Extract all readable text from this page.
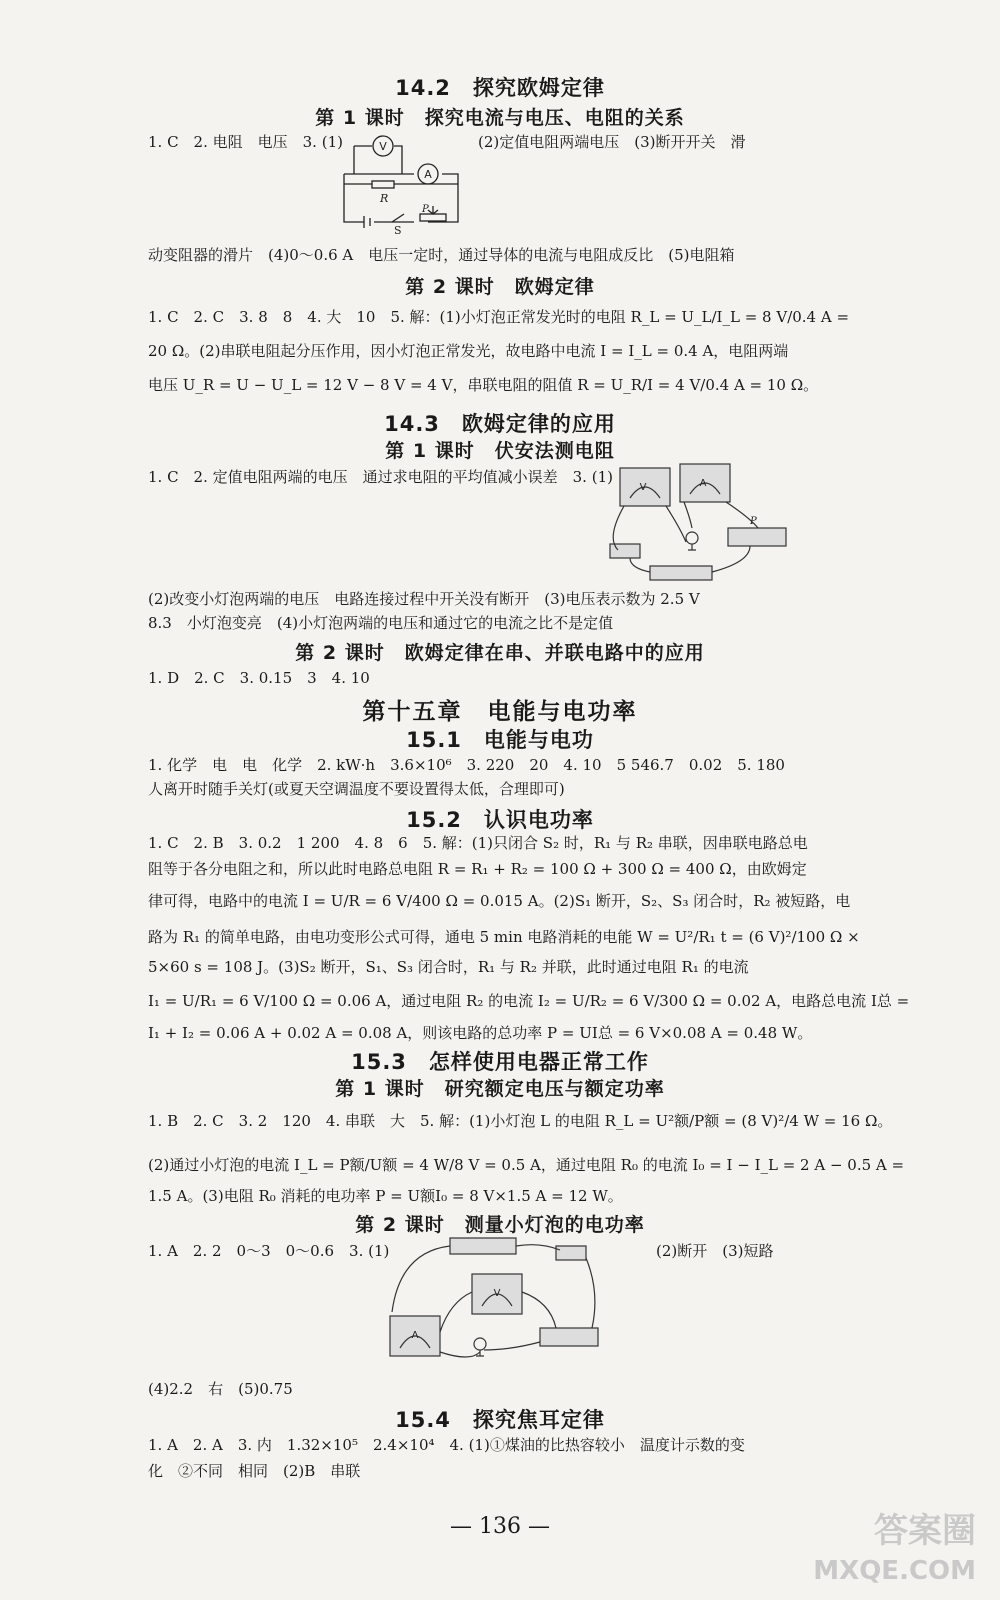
14.2　探究欧姆定律
第 1 课时　探究电流与电压、电阻的关系
1. C　2. 电阻　电压　3. (1)	(2)定值电阻两端电压　(3)断开开关　滑
V
A
R
P
S
动变阻器的滑片　(4)0～0.6 A　电压一定时，通过导体的电流与电阻成反比　(5)电阻箱
第 2 课时　欧姆定律
1. C　2. C　3. 8　8　4. 大　10　5. 解：(1)小灯泡正常发光时的电阻 R_L = U_L/I_L = 8 V/0.4 A =
20 Ω。(2)串联电阻起分压作用，因小灯泡正常发光，故电路中电流 I = I_L = 0.4 A，电阻两端
电压 U_R = U − U_L = 12 V − 8 V = 4 V，串联电阻的阻值 R = U_R/I = 4 V/0.4 A = 10 Ω。
14.3　欧姆定律的应用
第 1 课时　伏安法测电阻
1. C　2. 定值电阻两端的电压　通过求电阻的平均值减小误差　3. (1)
V	A
P
(2)改变小灯泡两端的电压　电路连接过程中开关没有断开　(3)电压表示数为 2.5 V
8.3　小灯泡变亮　(4)小灯泡两端的电压和通过它的电流之比不是定值
第 2 课时　欧姆定律在串、并联电路中的应用
1. D　2. C　3. 0.15　3　4. 10
第十五章　电能与电功率
15.1　电能与电功
1. 化学　电　电　化学　2. kW·h　3.6×10⁶　3. 220　20　4. 10　5 546.7　0.02　5. 180
人离开时随手关灯(或夏天空调温度不要设置得太低，合理即可)
15.2　认识电功率
1. C　2. B　3. 0.2　1 200　4. 8　6　5. 解：(1)只闭合 S₂ 时，R₁ 与 R₂ 串联，因串联电路总电
阻等于各分电阻之和，所以此时电路总电阻 R = R₁ + R₂ = 100 Ω + 300 Ω = 400 Ω，由欧姆定
律可得，电路中的电流 I = U/R = 6 V/400 Ω = 0.015 A。(2)S₁ 断开，S₂、S₃ 闭合时，R₂ 被短路，电
路为 R₁ 的简单电路，由电功变形公式可得，通电 5 min 电路消耗的电能 W = U²/R₁ t = (6 V)²/100 Ω ×
5×60 s = 108 J。(3)S₂ 断开，S₁、S₃ 闭合时，R₁ 与 R₂ 并联，此时通过电阻 R₁ 的电流
I₁ = U/R₁ = 6 V/100 Ω = 0.06 A，通过电阻 R₂ 的电流 I₂ = U/R₂ = 6 V/300 Ω = 0.02 A，电路总电流 I总 =
I₁ + I₂ = 0.06 A + 0.02 A = 0.08 A，则该电路的总功率 P = UI总 = 6 V×0.08 A = 0.48 W。
15.3　怎样使用电器正常工作
第 1 课时　研究额定电压与额定功率
1. B　2. C　3. 2　120　4. 串联　大　5. 解：(1)小灯泡 L 的电阻 R_L = U²额/P额 = (8 V)²/4 W = 16 Ω。
(2)通过小灯泡的电流 I_L = P额/U额 = 4 W/8 V = 0.5 A，通过电阻 R₀ 的电流 I₀ = I − I_L = 2 A − 0.5 A =
1.5 A。(3)电阻 R₀ 消耗的电功率 P = U额I₀ = 8 V×1.5 A = 12 W。
第 2 课时　测量小灯泡的电功率
1. A　2. 2　0～3　0～0.6　3. (1)	(2)断开　(3)短路
V
A
(4)2.2　右　(5)0.75
15.4　探究焦耳定律
1. A　2. A　3. 内　1.32×10⁵　2.4×10⁴　4. (1)①煤油的比热容较小　温度计示数的变
化　②不同　相同　(2)B　串联
— 136 —	答案圈
MXQE.COM
